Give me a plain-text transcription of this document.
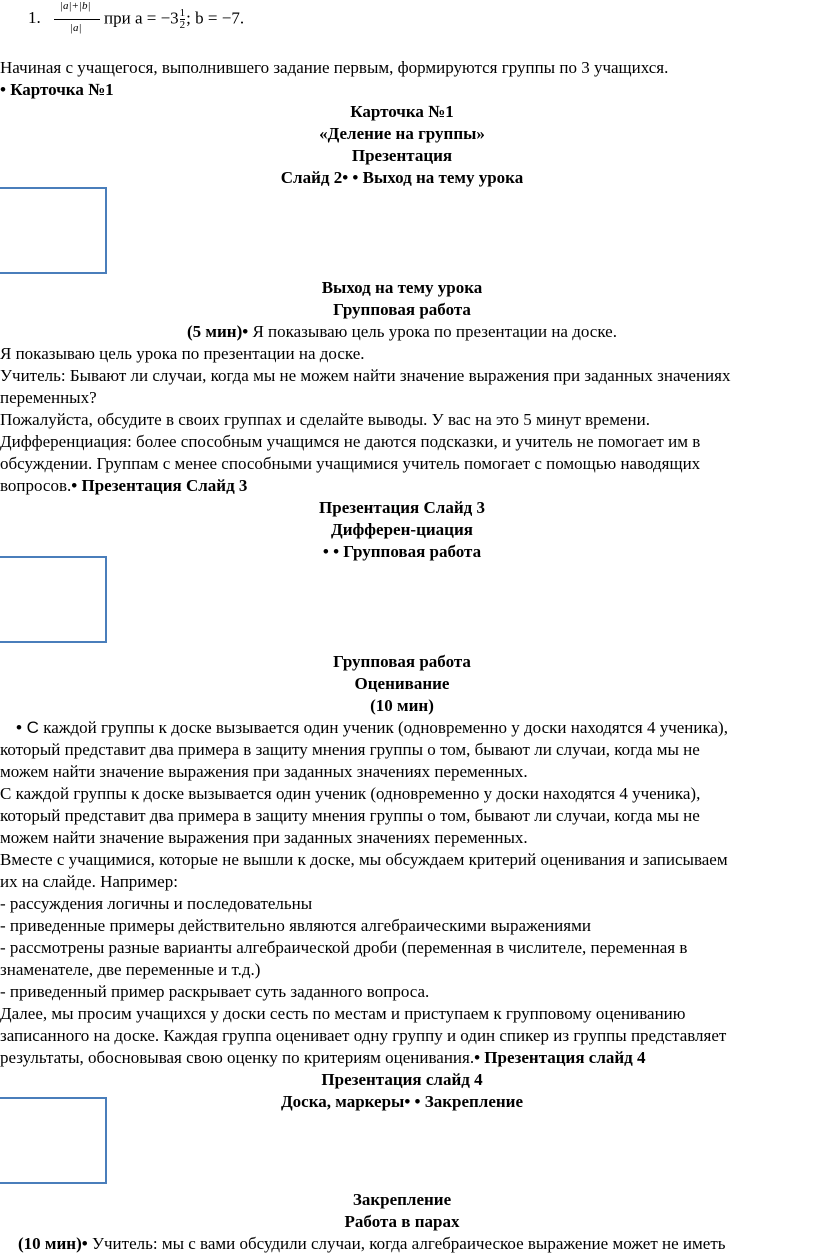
1.
|a|+|b|
|a|
при $a = -3 \frac{1}{2}$ ; b = −7.
Начиная с учащегося, выполнившего задание первым, формируются группы по 3 учащихся.
• Карточка №1
Карточка №1
«Деление на группы»
Презентация
Слайд 2• • Выход на тему урока
Выход на тему урока
Групповая работа
(5 мин)• Я показываю цель урока по презентации на доске.
Я показываю цель урока по презентации на доске.
Учитель: Бывают ли случаи, когда мы не можем найти значение выражения при заданных значениях
переменных?
Пожалуйста, обсудите в своих группах и сделайте выводы. У вас на это 5 минут времени.
Дифференциация: более способным учащимся не даются подсказки, и учитель не помогает им в
обсуждении. Группам с менее способными учащимися учитель помогает с помощью наводящих
вопросов.• Презентация Слайд 3
Презентация Слайд 3
Дифферен-циация
• • Групповая работа
Групповая работа
Оценивание
(10 мин)
• С каждой группы к доске вызывается один ученик (одновременно у доски находятся 4 ученика),
который представит два примера в защиту мнения группы о том, бывают ли случаи, когда мы не
можем найти значение выражения при заданных значениях переменных.
С каждой группы к доске вызывается один ученик (одновременно у доски находятся 4 ученика),
который представит два примера в защиту мнения группы о том, бывают ли случаи, когда мы не
можем найти значение выражения при заданных значениях переменных.
Вместе с учащимися, которые не вышли к доске, мы обсуждаем критерий оценивания и записываем
их на слайде. Например:
- рассуждения логичны и последовательны
- приведенные примеры действительно являются алгебраическими выражениями
- рассмотрены разные варианты алгебраической дроби (переменная в числителе, переменная в
знаменателе, две переменные и т.д.)
- приведенный пример раскрывает суть заданного вопроса.
Далее, мы просим учащихся у доски сесть по местам и приступаем к групповому оцениванию
записанного на доске. Каждая группа оценивает одну группу и один спикер из группы представляет
результаты, обосновывая свою оценку по критериям оценивания.• Презентация слайд 4
Презентация слайд 4
Доска, маркеры• • Закрепление
Закрепление
Работа в парах
(10 мин)• Учитель: мы с вами обсудили случаи, когда алгебраическое выражение может не иметь
